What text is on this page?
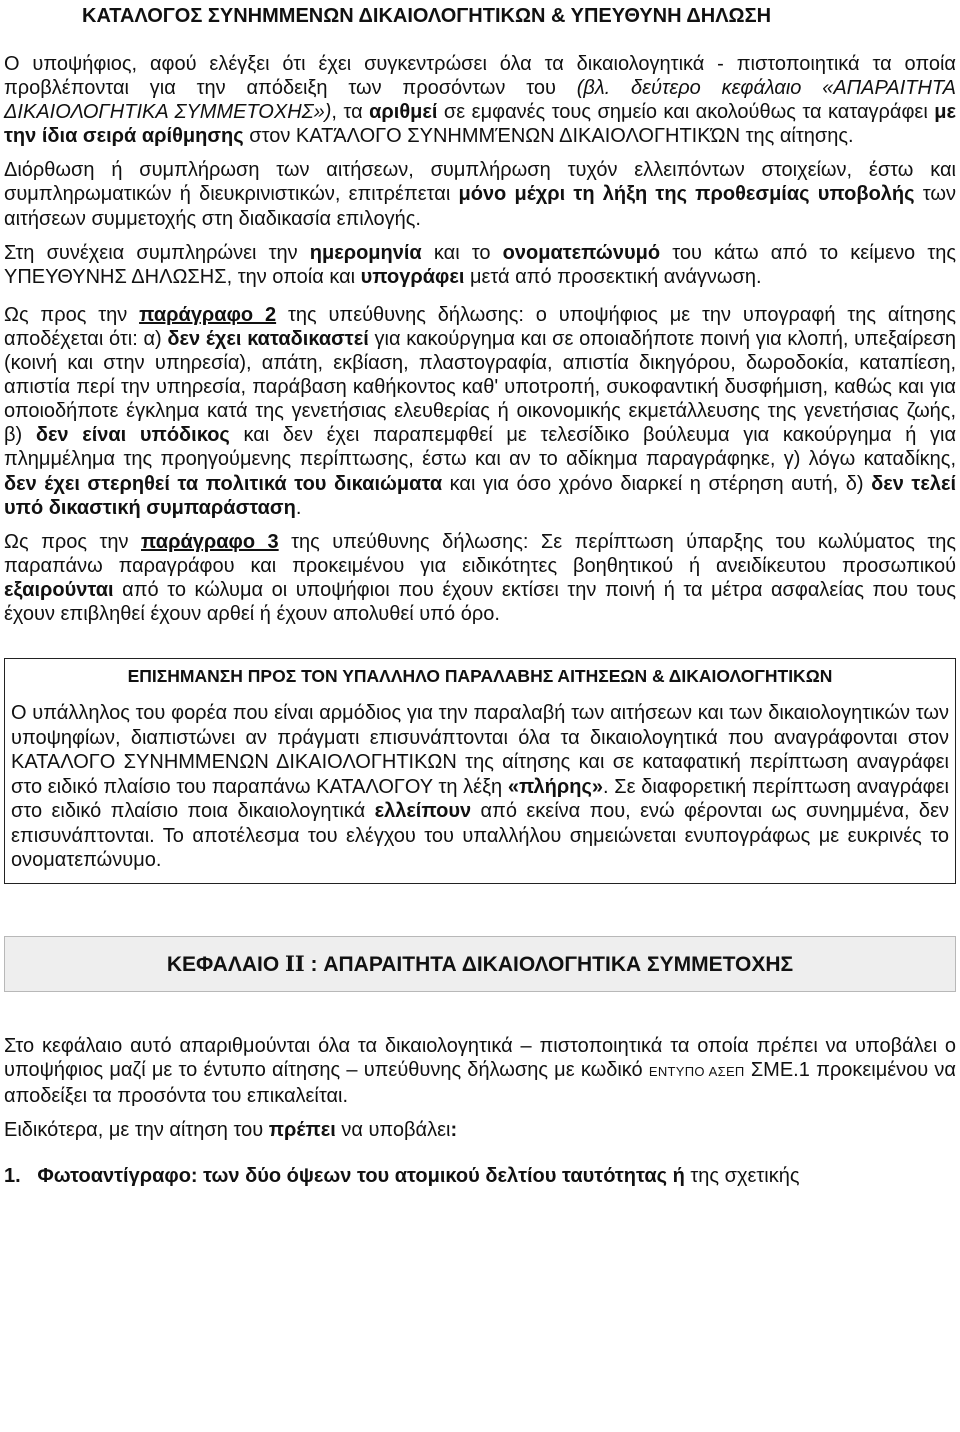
ΚΑΤΑΛΟΓΟΣ ΣΥΝΗΜΜΕΝΩΝ ΔΙΚΑΙΟΛΟΓΗΤΙΚΩΝ & ΥΠΕΥΘΥΝΗ ΔΗΛΩΣΗ

Ο υποψήφιος, αφού ελέγξει ότι έχει συγκεντρώσει όλα τα δικαιολογητικά - πιστοποιητικά τα οποία προβλέπονται για την απόδειξη των προσόντων του (βλ. δεύτερο κεφάλαιο «ΑΠΑΡΑΙΤΗΤΑ ΔΙΚΑΙΟΛΟΓΗΤΙΚΑ ΣΥΜΜΕΤΟΧΗΣ»), τα αριθμεί σε εμφανές τους σημείο και ακολούθως τα καταγράφει με την ίδια σειρά αρίθμησης στον ΚΑΤΆΛΟΓΟ ΣΥΝΗΜΜΈΝΩΝ ΔΙΚΑΙΟΛΟΓΗΤΙΚΏΝ της αίτησης.

Διόρθωση ή συμπλήρωση των αιτήσεων, συμπλήρωση τυχόν ελλειπόντων στοιχείων, έστω και συμπληρωματικών ή διευκρινιστικών, επιτρέπεται μόνο μέχρι τη λήξη της προθεσμίας υποβολής των αιτήσεων συμμετοχής στη διαδικασία επιλογής.

Στη συνέχεια συμπληρώνει την ημερομηνία και το ονοματεπώνυμό του κάτω από το κείμενο της ΥΠΕΥΘΥΝΗΣ ΔΗΛΩΣΗΣ, την οποία και υπογράφει μετά από προσεκτική ανάγνωση.

Ως προς την παράγραφο 2 της υπεύθυνης δήλωσης: ο υποψήφιος με την υπογραφή της αίτησης αποδέχεται ότι: α) δεν έχει καταδικαστεί για κακούργημα και σε οποιαδήποτε ποινή για κλοπή, υπεξαίρεση (κοινή και στην υπηρεσία), απάτη, εκβίαση, πλαστογραφία, απιστία δικηγόρου, δωροδοκία, καταπίεση, απιστία περί την υπηρεσία, παράβαση καθήκοντος καθ' υποτροπή, συκοφαντική δυσφήμιση, καθώς και για οποιοδήποτε έγκλημα κατά της γενετήσιας ελευθερίας ή οικονομικής εκμετάλλευσης της γενετήσιας ζωής, β) δεν είναι υπόδικος και δεν έχει παραπεμφθεί με τελεσίδικο βούλευμα για κακούργημα ή για πλημμέλημα της προηγούμενης περίπτωσης, έστω και αν το αδίκημα παραγράφηκε, γ) λόγω καταδίκης, δεν έχει στερηθεί τα πολιτικά του δικαιώματα και για όσο χρόνο διαρκεί η στέρηση αυτή, δ) δεν τελεί υπό δικαστική συμπαράσταση.

Ως προς την παράγραφο 3 της υπεύθυνης δήλωσης: Σε περίπτωση ύπαρξης του κωλύματος της παραπάνω παραγράφου και προκειμένου για ειδικότητες βοηθητικού ή ανειδίκευτου προσωπικού εξαιρούνται από το κώλυμα οι υποψήφιοι που έχουν εκτίσει την ποινή ή τα μέτρα ασφαλείας που τους έχουν επιβληθεί έχουν αρθεί ή έχουν απολυθεί υπό όρο.

ΕΠΙΣΗΜΑΝΣΗ ΠΡΟΣ ΤΟΝ ΥΠΑΛΛΗΛΟ ΠΑΡΑΛΑΒΗΣ ΑΙΤΗΣΕΩΝ & ΔΙΚΑΙΟΛΟΓΗΤΙΚΩΝ

Ο υπάλληλος του φορέα που είναι αρμόδιος για την παραλαβή των αιτήσεων και των δικαιολογητικών των υποψηφίων, διαπιστώνει αν πράγματι επισυνάπτονται όλα τα δικαιολογητικά που αναγράφονται στον ΚΑΤΑΛΟΓΟ ΣΥΝΗΜΜΕΝΩΝ ΔΙΚΑΙΟΛΟΓΗΤΙΚΩΝ της αίτησης και σε καταφατική περίπτωση αναγράφει στο ειδικό πλαίσιο του παραπάνω ΚΑΤΑΛΟΓΟΥ τη λέξη «πλήρης». Σε διαφορετική περίπτωση αναγράφει στο ειδικό πλαίσιο ποια δικαιολογητικά ελλείπουν από εκείνα που, ενώ φέρονται ως συνημμένα, δεν επισυνάπτονται. Το αποτέλεσμα του ελέγχου του υπαλλήλου σημειώνεται ενυπογράφως με ευκρινές το ονοματεπώνυμο.

ΚΕΦΑΛΑΙΟ II : ΑΠΑΡΑΙΤΗΤΑ ΔΙΚΑΙΟΛΟΓΗΤΙΚΑ ΣΥΜΜΕΤΟΧΗΣ

Στο κεφάλαιο αυτό απαριθμούνται όλα τα δικαιολογητικά – πιστοποιητικά τα οποία πρέπει να υποβάλει ο υποψήφιος μαζί με το έντυπο αίτησης – υπεύθυνης δήλωσης με κωδικό ΕΝΤΥΠΟ ΑΣΕΠ ΣΜΕ.1 προκειμένου να αποδείξει τα προσόντα του επικαλείται.

Ειδικότερα, με την αίτηση του πρέπει να υποβάλει:

1. Φωτοαντίγραφο: των δύο όψεων του ατομικού δελτίου ταυτότητας ή της σχετικής
